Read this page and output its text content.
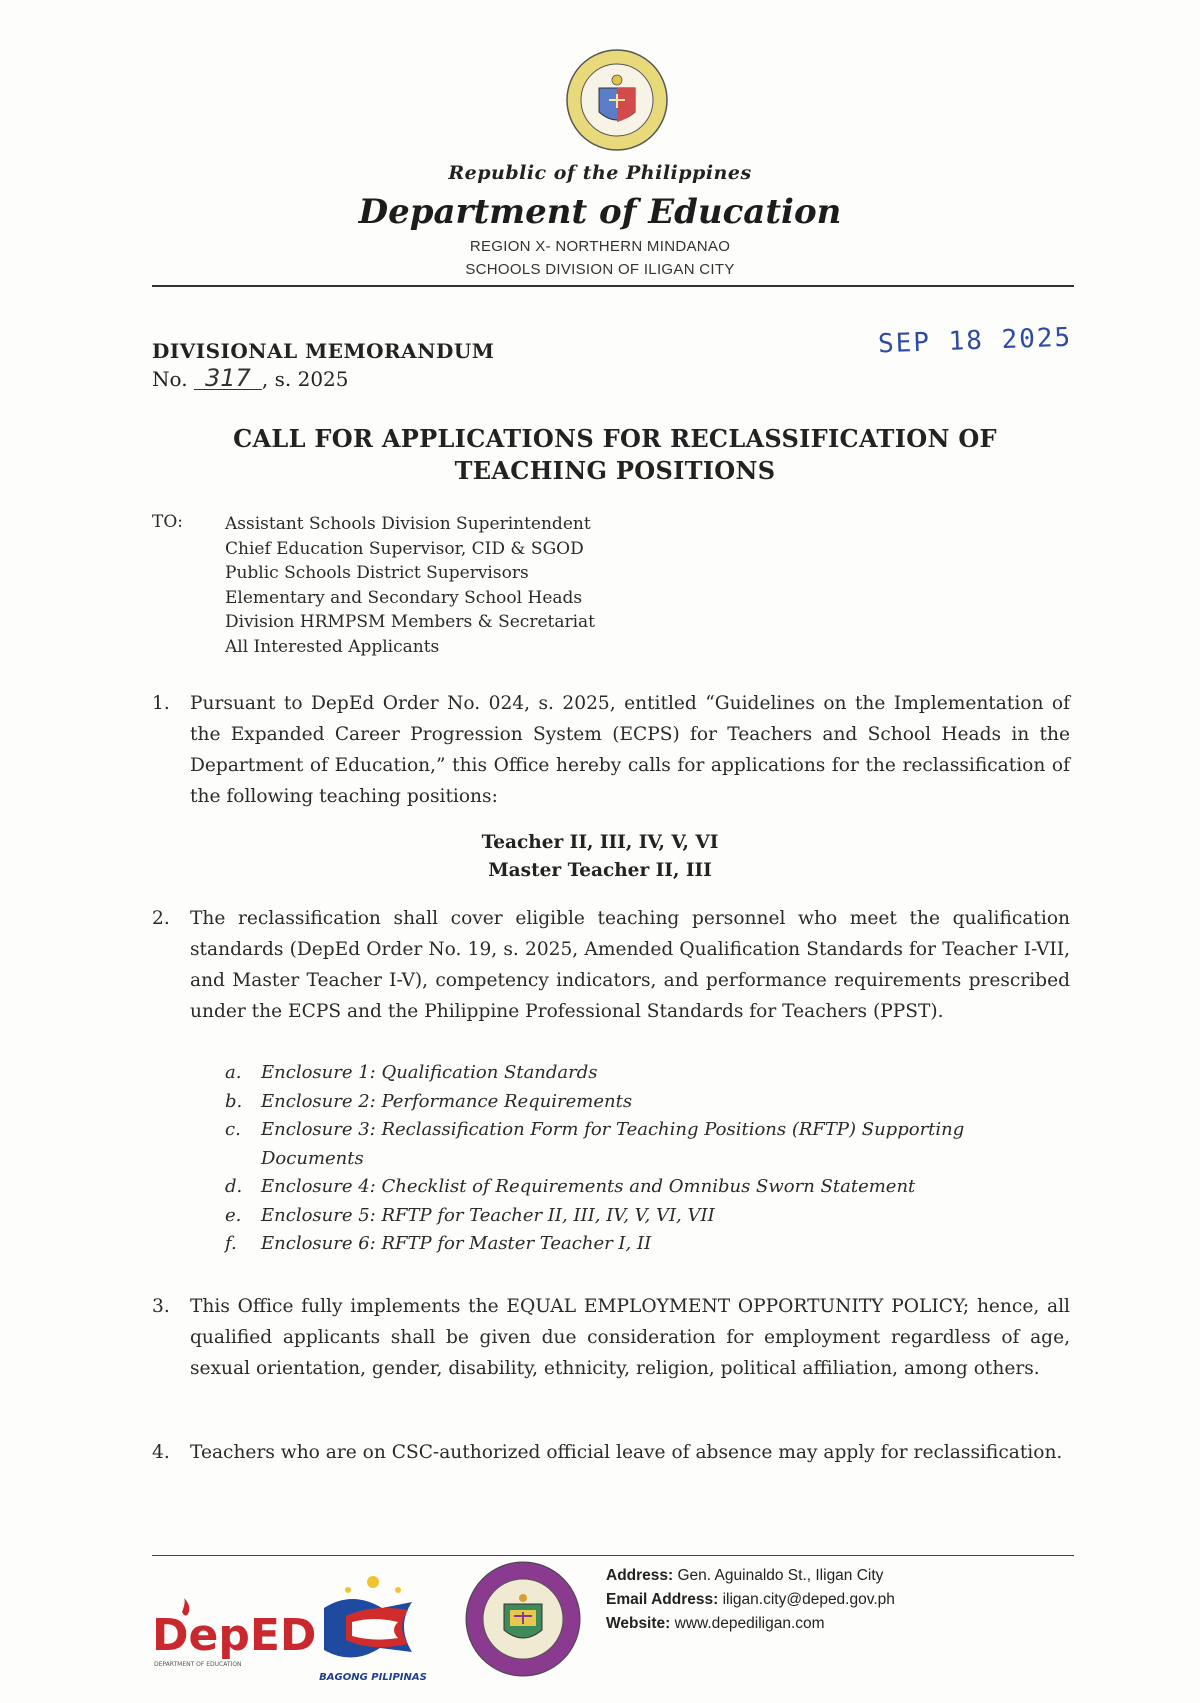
Republic of the Philippines
Department of Education
REGION X- NORTHERN MINDANAO
SCHOOLS DIVISION OF ILIGAN CITY
DIVISIONAL MEMORANDUM
No. 317 , s. 2025
SEP 18 2025
CALL FOR APPLICATIONS FOR RECLASSIFICATION OF
TEACHING POSITIONS
TO: Assistant Schools Division Superintendent
Chief Education Supervisor, CID & SGOD
Public Schools District Supervisors
Elementary and Secondary School Heads
Division HRMPSM Members & Secretariat
All Interested Applicants
1. Pursuant to DepEd Order No. 024, s. 2025, entitled “Guidelines on the Implementation of the Expanded Career Progression System (ECPS) for Teachers and School Heads in the Department of Education,” this Office hereby calls for applications for the reclassification of the following teaching positions:
Teacher II, III, IV, V, VI
Master Teacher II, III
2. The reclassification shall cover eligible teaching personnel who meet the qualification standards (DepEd Order No. 19, s. 2025, Amended Qualification Standards for Teacher I-VII, and Master Teacher I-V), competency indicators, and performance requirements prescribed under the ECPS and the Philippine Professional Standards for Teachers (PPST).
a. Enclosure 1: Qualification Standards
b. Enclosure 2: Performance Requirements
c. Enclosure 3: Reclassification Form for Teaching Positions (RFTP) Supporting Documents
d. Enclosure 4: Checklist of Requirements and Omnibus Sworn Statement
e. Enclosure 5: RFTP for Teacher II, III, IV, V, VI, VII
f. Enclosure 6: RFTP for Master Teacher I, II
3. This Office fully implements the EQUAL EMPLOYMENT OPPORTUNITY POLICY; hence, all qualified applicants shall be given due consideration for employment regardless of age, sexual orientation, gender, disability, ethnicity, religion, political affiliation, among others.
4. Teachers who are on CSC-authorized official leave of absence may apply for reclassification.
DepED
DEPARTMENT OF EDUCATION
BAGONG PILIPINAS
Address: Gen. Aguinaldo St., Iligan City
Email Address: iligan.city@deped.gov.ph
Website: www.depediligan.com
